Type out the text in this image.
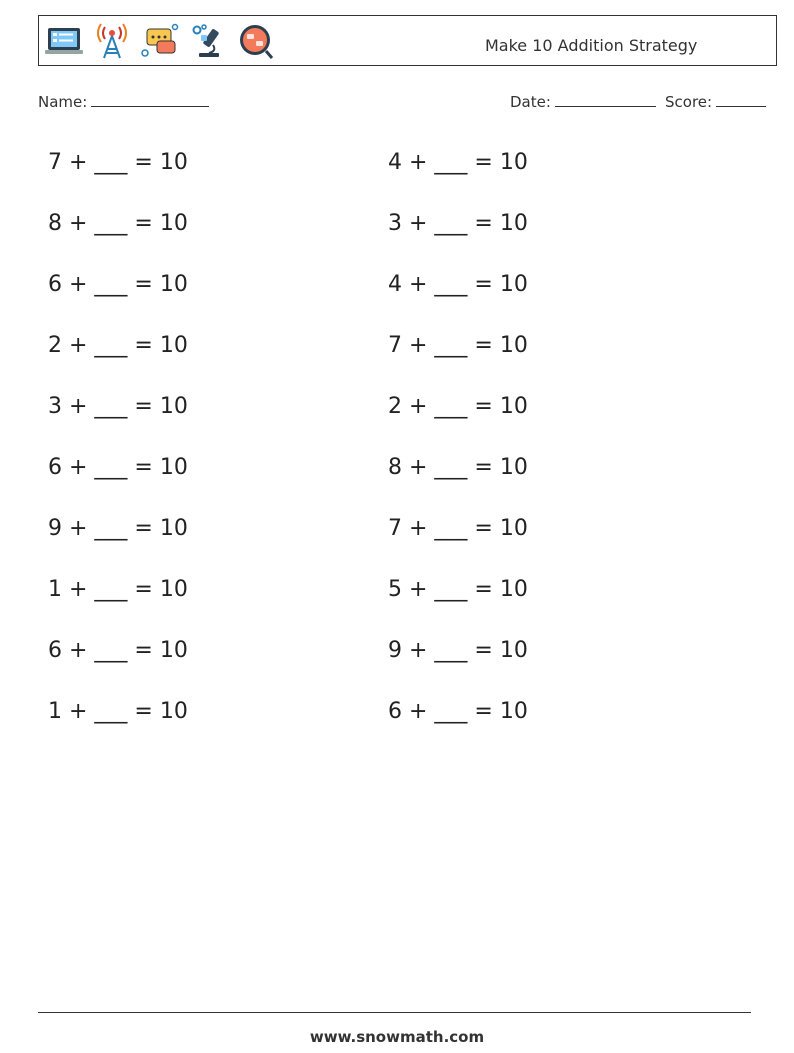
Make 10 Addition Strategy
Name:	Date:	Score:
7 + ___ = 10	4 + ___ = 10
8 + ___ = 10	3 + ___ = 10
6 + ___ = 10	4 + ___ = 10
2 + ___ = 10	7 + ___ = 10
3 + ___ = 10	2 + ___ = 10
6 + ___ = 10	8 + ___ = 10
9 + ___ = 10	7 + ___ = 10
1 + ___ = 10	5 + ___ = 10
6 + ___ = 10	9 + ___ = 10
1 + ___ = 10	6 + ___ = 10
www.snowmath.com
